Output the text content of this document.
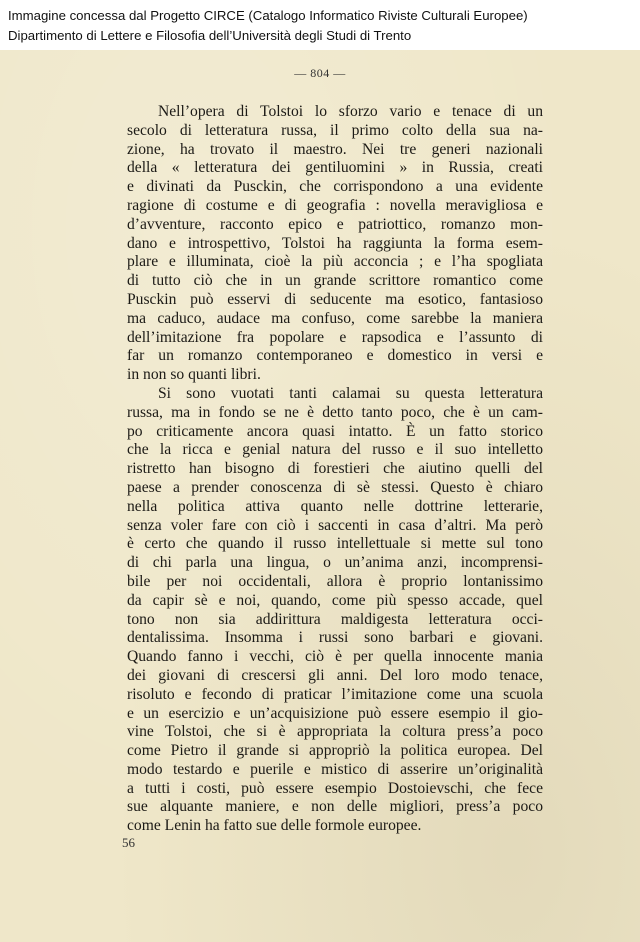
Immagine concessa dal Progetto CIRCE (Catalogo Informatico Riviste Culturali Europee)
Dipartimento di Lettere e Filosofia dell’Università degli Studi di Trento
— 804 —
Nell’opera di Tolstoi lo sforzo vario e tenace di un
secolo di letteratura russa, il primo colto della sua na-
zione, ha trovato il maestro. Nei tre generi nazionali
della « letteratura dei gentiluomini » in Russia, creati
e divinati da Pusckin, che corrispondono a una evidente
ragione di costume e di geografia : novella meravigliosa e
d’avventure, racconto epico e patriottico, romanzo mon-
dano e introspettivo, Tolstoi ha raggiunta la forma esem-
plare e illuminata, cioè la più acconcia ; e l’ha spogliata
di tutto ciò che in un grande scrittore romantico come
Pusckin può esservi di seducente ma esotico, fantasioso
ma caduco, audace ma confuso, come sarebbe la maniera
dell’imitazione fra popolare e rapsodica e l’assunto di
far un romanzo contemporaneo e domestico in versi e
in non so quanti libri.
Si sono vuotati tanti calamai su questa letteratura
russa, ma in fondo se ne è detto tanto poco, che è un cam-
po criticamente ancora quasi intatto. È un fatto storico
che la ricca e genial natura del russo e il suo intelletto
ristretto han bisogno di forestieri che aiutino quelli del
paese a prender conoscenza di sè stessi. Questo è chiaro
nella politica attiva quanto nelle dottrine letterarie,
senza voler fare con ciò i saccenti in casa d’altri. Ma però
è certo che quando il russo intellettuale si mette sul tono
di chi parla una lingua, o un’anima anzi, incomprensi-
bile per noi occidentali, allora è proprio lontanissimo
da capir sè e noi, quando, come più spesso accade, quel
tono non sia addirittura maldigesta letteratura occi-
dentalissima. Insomma i russi sono barbari e giovani.
Quando fanno i vecchi, ciò è per quella innocente mania
dei giovani di crescersi gli anni. Del loro modo tenace,
risoluto e fecondo di praticar l’imitazione come una scuola
e un esercizio e un’acquisizione può essere esempio il gio-
vine Tolstoi, che si è appropriata la coltura press’a poco
come Pietro il grande si appropriò la politica europea. Del
modo testardo e puerile e mistico di asserire un’originalità
a tutti i costi, può essere esempio Dostoievschi, che fece
sue alquante maniere, e non delle migliori, press’a poco
come Lenin ha fatto sue delle formole europee.
56
